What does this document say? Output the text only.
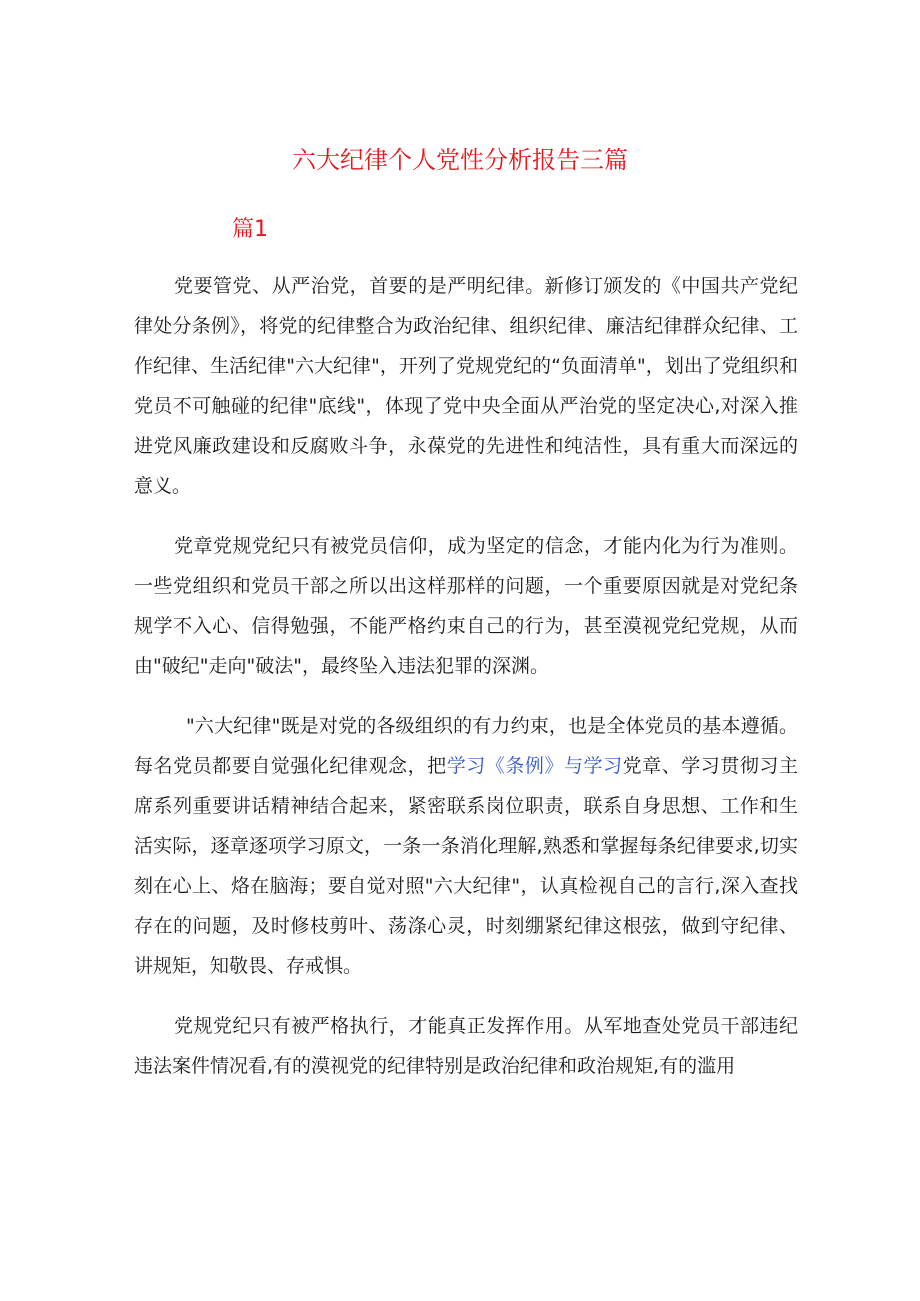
六大纪律个人党性分析报告三篇
篇1

党要管党、从严治党，首要的是严明纪律。新修订颁发的《中国共产党纪律处分条例》，将党的纪律整合为政治纪律、组织纪律、廉洁纪律群众纪律、工作纪律、生活纪律"六大纪律"，开列了党规党纪的“负面清单"，划出了党组织和党员不可触碰的纪律"底线"，体现了党中央全面从严治党的坚定决心,对深入推进党风廉政建设和反腐败斗争，永葆党的先进性和纯洁性，具有重大而深远的意义。

党章党规党纪只有被党员信仰，成为坚定的信念，才能内化为行为准则。一些党组织和党员干部之所以出这样那样的问题，一个重要原因就是对党纪条规学不入心、信得勉强，不能严格约束自己的行为，甚至漠视党纪党规，从而由"破纪"走向"破法"，最终坠入违法犯罪的深渊。

"六大纪律"既是对党的各级组织的有力约束，也是全体党员的基本遵循。每名党员都要自觉强化纪律观念，把学习《条例》与学习党章、学习贯彻习主席系列重要讲话精神结合起来，紧密联系岗位职责，联系自身思想、工作和生活实际，逐章逐项学习原文，一条一条消化理解,熟悉和掌握每条纪律要求,切实刻在心上、烙在脑海；要自觉对照"六大纪律"，认真检视自己的言行,深入查找存在的问题，及时修枝剪叶、荡涤心灵，时刻绷紧纪律这根弦，做到守纪律、讲规矩，知敬畏、存戒惧。

党规党纪只有被严格执行，才能真正发挥作用。从军地查处党员干部违纪违法案件情况看,有的漠视党的纪律特别是政治纪律和政治规矩,有的滥用
